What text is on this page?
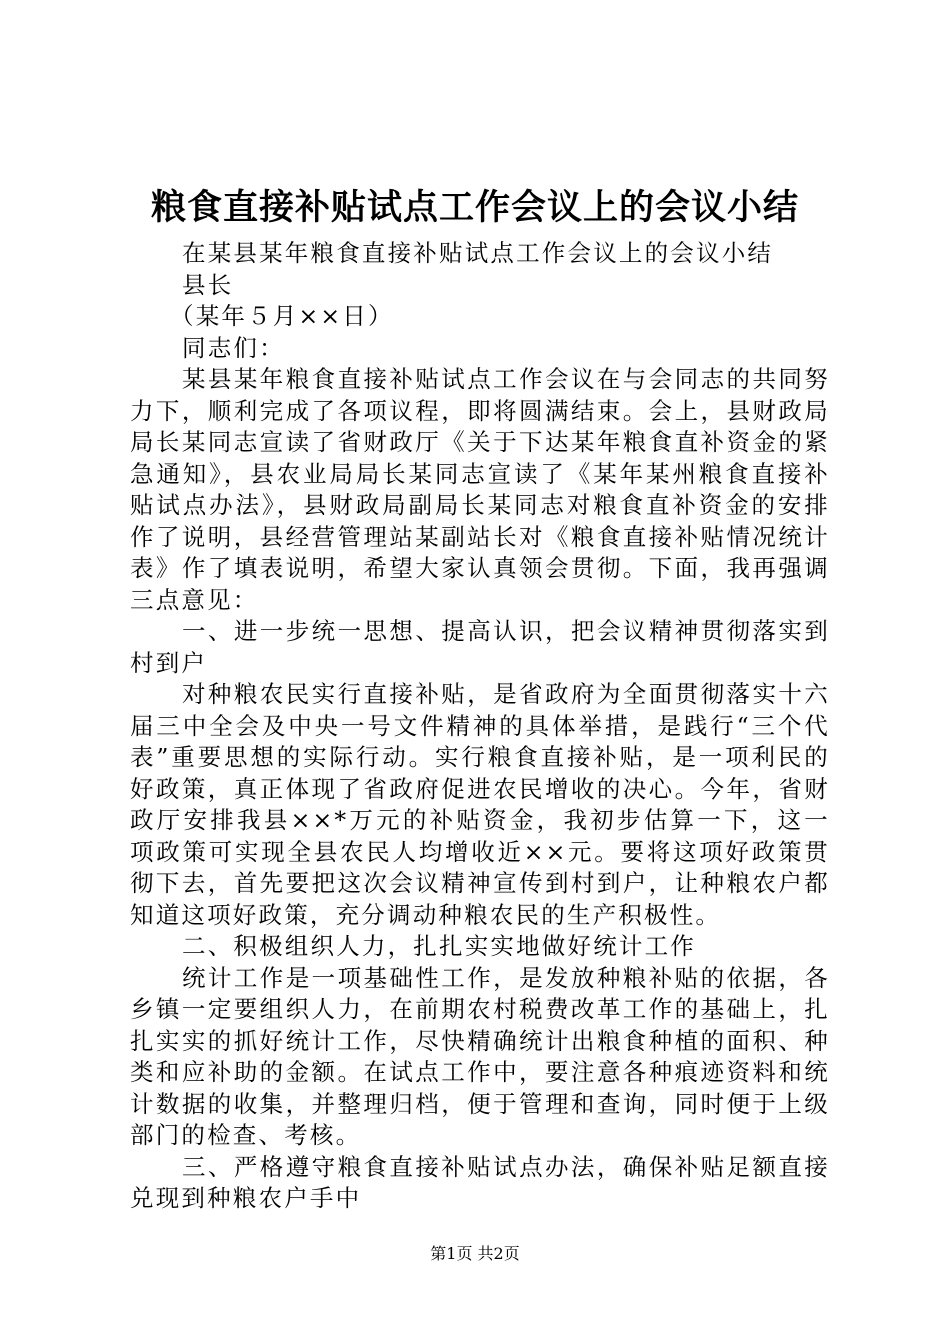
粮食直接补贴试点工作会议上的会议小结
在某县某年粮食直接补贴试点工作会议上的会议小结
县长
（某年５月××日）
同志们：
某县某年粮食直接补贴试点工作会议在与会同志的共同努力下，顺利完成了各项议程，即将圆满结束。会上，县财政局局长某同志宣读了省财政厅《关于下达某年粮食直补资金的紧急通知》，县农业局局长某同志宣读了《某年某州粮食直接补贴试点办法》，县财政局副局长某同志对粮食直补资金的安排作了说明，县经营管理站某副站长对《粮食直接补贴情况统计表》作了填表说明，希望大家认真领会贯彻。下面，我再强调三点意见：
一、进一步统一思想、提高认识，把会议精神贯彻落实到村到户
对种粮农民实行直接补贴，是省政府为全面贯彻落实十六届三中全会及中央一号文件精神的具体举措，是践行“三个代表”重要思想的实际行动。实行粮食直接补贴，是一项利民的好政策，真正体现了省政府促进农民增收的决心。今年，省财政厅安排我县××*万元的补贴资金，我初步估算一下，这一项政策可实现全县农民人均增收近××元。要将这项好政策贯彻下去，首先要把这次会议精神宣传到村到户，让种粮农户都知道这项好政策，充分调动种粮农民的生产积极性。
二、积极组织人力，扎扎实实地做好统计工作
统计工作是一项基础性工作，是发放种粮补贴的依据，各乡镇一定要组织人力，在前期农村税费改革工作的基础上，扎扎实实的抓好统计工作，尽快精确统计出粮食种植的面积、种类和应补助的金额。在试点工作中，要注意各种痕迹资料和统计数据的收集，并整理归档，便于管理和查询，同时便于上级部门的检查、考核。
三、严格遵守粮食直接补贴试点办法，确保补贴足额直接兑现到种粮农户手中
第1页 共2页
